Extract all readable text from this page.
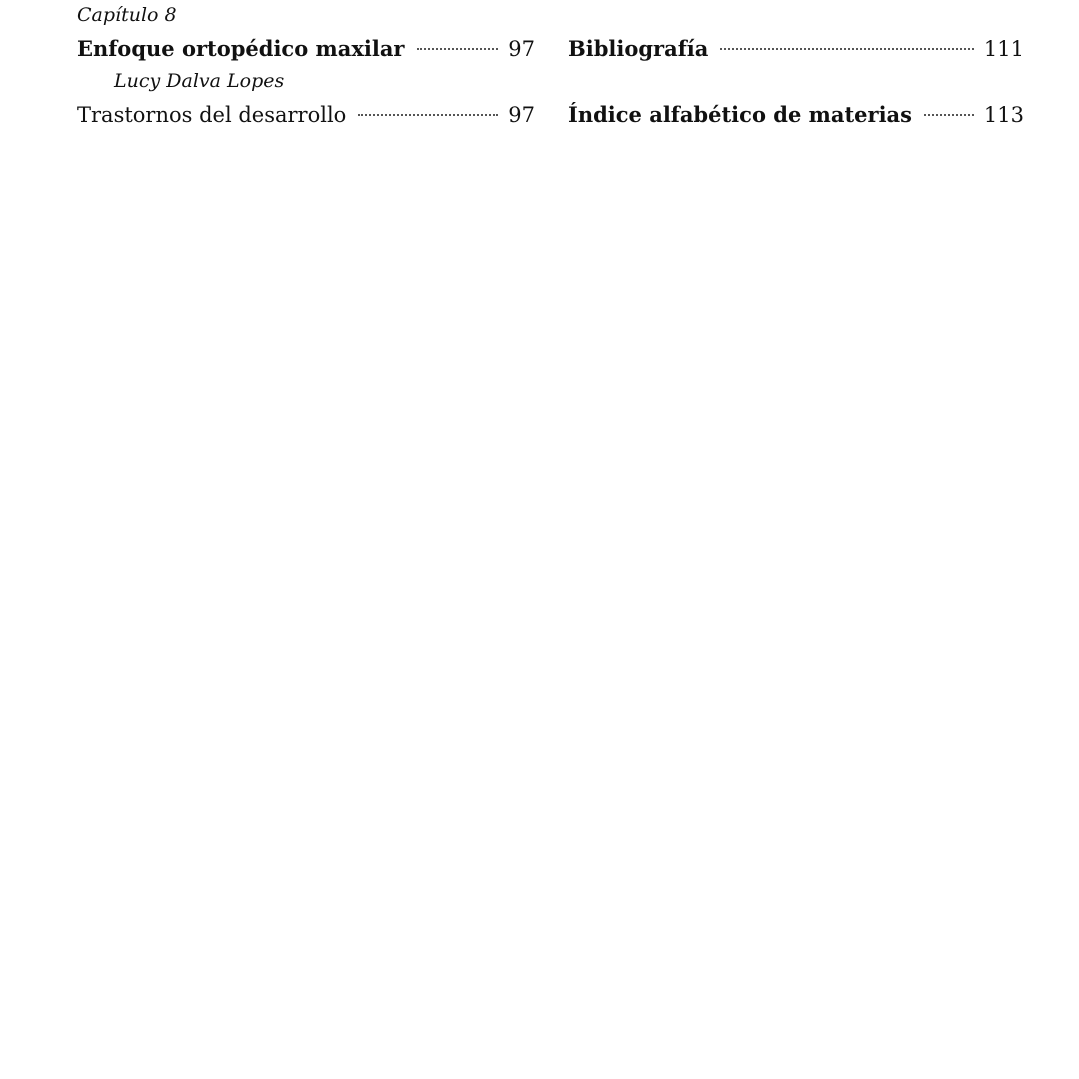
Capítulo 8
Enfoque ortopédico maxilar	97
Lucy Dalva Lopes
Trastornos del desarrollo	97
Bibliografía	111
Índice alfabético de materias	113
